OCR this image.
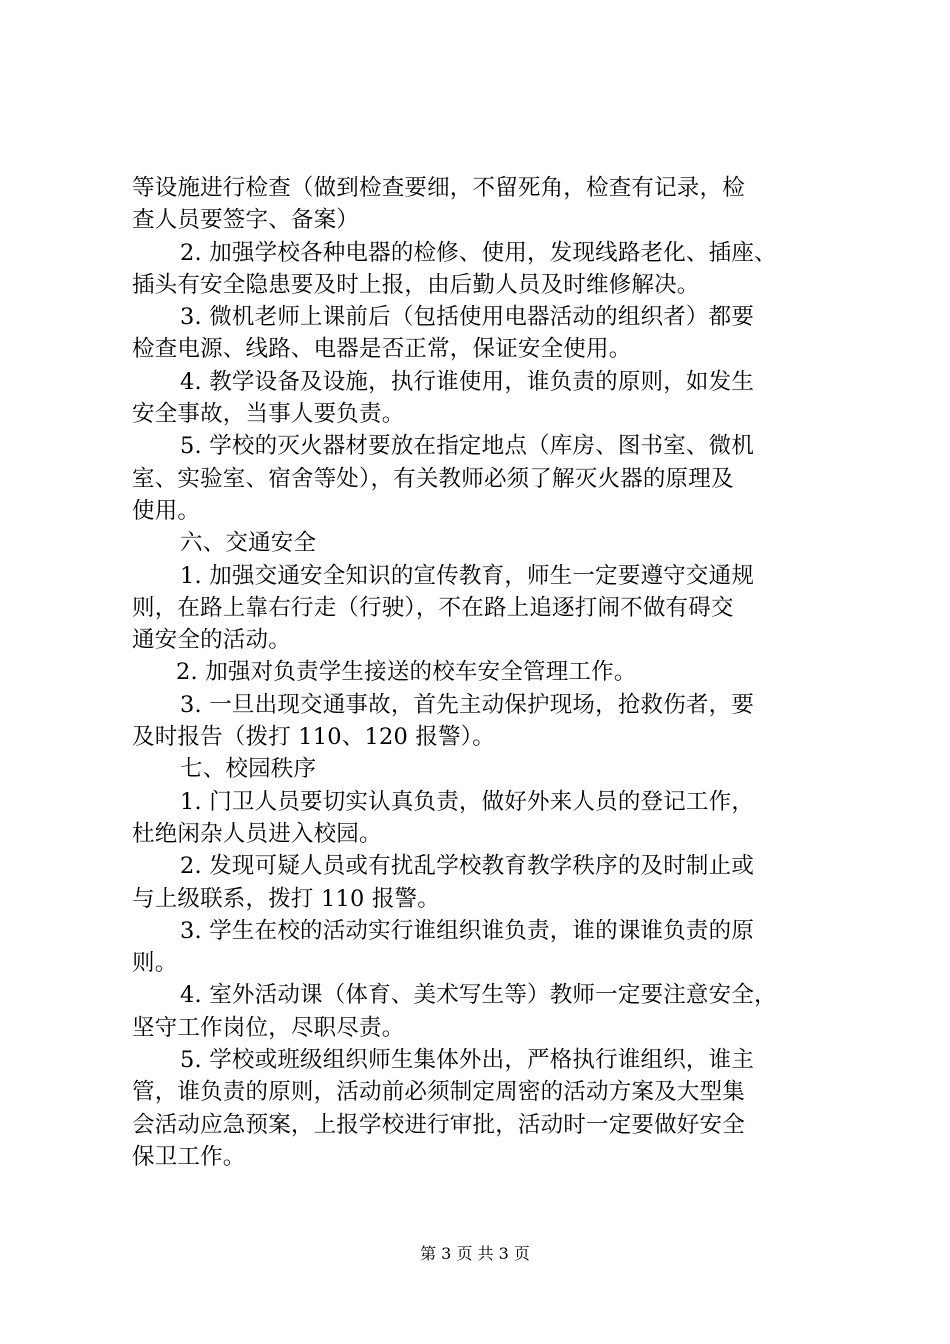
等设施进行检查（做到检查要细，不留死角，检查有记录，检
查人员要签字、备案）
2. 加强学校各种电器的检修、使用，发现线路老化、插座、
插头有安全隐患要及时上报，由后勤人员及时维修解决。
3. 微机老师上课前后（包括使用电器活动的组织者）都要
检查电源、线路、电器是否正常，保证安全使用。
4. 教学设备及设施，执行谁使用，谁负责的原则，如发生
安全事故，当事人要负责。
5. 学校的灭火器材要放在指定地点（库房、图书室、微机
室、实验室、宿舍等处），有关教师必须了解灭火器的原理及
使用。
六、交通安全
1. 加强交通安全知识的宣传教育，师生一定要遵守交通规
则，在路上靠右行走（行驶），不在路上追逐打闹不做有碍交
通安全的活动。
2. 加强对负责学生接送的校车安全管理工作。
3. 一旦出现交通事故，首先主动保护现场，抢救伤者，要
及时报告（拨打 110、120 报警）。
七、校园秩序
1. 门卫人员要切实认真负责，做好外来人员的登记工作，
杜绝闲杂人员进入校园。
2. 发现可疑人员或有扰乱学校教育教学秩序的及时制止或
与上级联系，拨打 110 报警。
3. 学生在校的活动实行谁组织谁负责，谁的课谁负责的原
则。
4. 室外活动课（体育、美术写生等）教师一定要注意安全，
坚守工作岗位，尽职尽责。
5. 学校或班级组织师生集体外出，严格执行谁组织，谁主
管，谁负责的原则，活动前必须制定周密的活动方案及大型集
会活动应急预案，上报学校进行审批，活动时一定要做好安全
保卫工作。
第 3 页 共 3 页
